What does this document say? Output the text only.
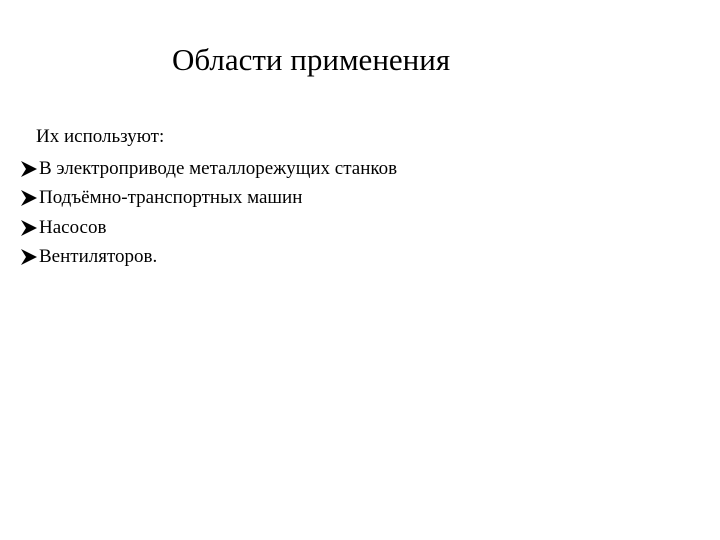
Области применения
Их используют:
В электроприводе металлорежущих станков
Подъёмно-транспортных машин
Насосов
Вентиляторов.
